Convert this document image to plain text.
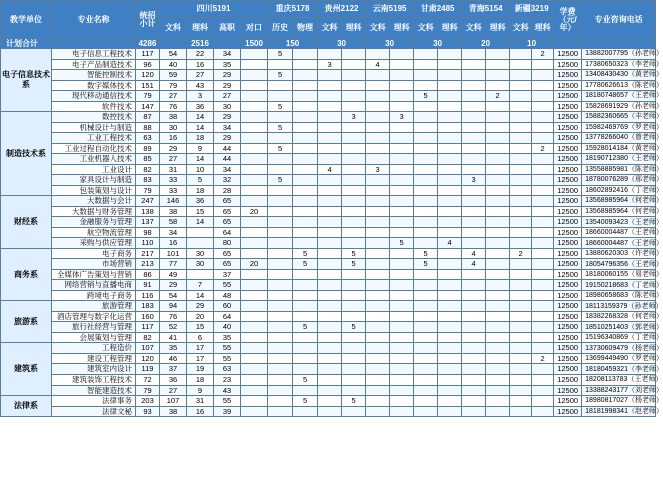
教学单位	专业名称	统招
小计	四川5191				重庆5178		贵州2122		云南5195		甘肃2485		青海5154		新疆3219		学费
（元/年）	专业咨询电话
			文科	理科	高职	对口	历史	物理	文科	理科	文科	理科	文科	理科	文科	理科	文科	理科		
计划合计		4286	2516			1500	150		30		30		30		20		10			
电子信息技术系	电子信息工程技术	117	54	22	34		5											2	12500	13882007795（孙老师）
	电子产品制造技术	96	40	16	35				3		4								12500	17380650323（李老师）
	智能控制技术	120	59	27	29		5												12500	13408430430（黄老师）
	数字媒体技术	151	79	43	29														12500	17780626613（陈老师）
	现代移动通信技术	79	27	3	27								5			2			12500	18180748657（王老师）
	软件技术	147	76	36	30		5												12500	15828691929（孙老师）
制造技术系	数控技术	87	38	14	29					3		3							12500	15882360665（丰老师）
	机械设计与制造	88	30	14	34		5												12500	15982469769（罗老师）
	工业工程技术	63	16	18	29														12500	13778266040（曾老师）
	工业过程自动化技术	89	29	9	44		5											2	12500	15928014184（黄老师）
	工业机器人技术	85	27	14	44														12500	18190712380（王老师）
	工业设计	82	31	10	34				4		3								12500	13558885981（陈老师）
	家具设计与制造	83	33	5	32		5								3				12500	18780076289（邢老师）
	包装策划与设计	79	33	18	28														12500	18602892416（丁老师）
财经系	大数据与会计	247	146	36	65														12500	13568985964（何老师）
	大数据与财务管理	138	38	15	65	20													12500	13568985964（何老师）
	金融服务与管理	137	58	14	65														12500	13540093423（王老师）
	航空物流管理	98	34		64														12500	18660004487（王老师）
	采购与供应管理	110	16		80							5		4					12500	18660004487（王老师）
商务系	电子商务	217	101	30	65			5		5			5		4		2		12500	13880620303（许老师）
	市场营销	213	77	30	65	20		5		5			5		4				12500	18054796356（王老师）
	全媒体广告策划与营销	86	49		37														12500	18180060155（易老师）
	网络营销与直播电商	91	29	7	55														12500	19150218683（丁老师）
	跨境电子商务	116	54	14	48														12500	18980658683（陈老师）
旅游系	旅游管理	183	94	29	60														12500	18113159379（孙老师）
	酒店管理与数字化运营	160	76	20	64														12500	18382268328（何老师）
	旅行社经营与管理	117	52	15	40			5		5									12500	18510251403（郭老师）
	会展策划与管理	82	41	6	35														12500	15196340869（丁老师）
建筑系	工程造价	107	35	17	55														12500	13730609479（杨老师）
	建设工程管理	120	46	17	55													2	12500	13699449490（罗老师）
	建筑室内设计	119	37	19	63														12500	18180459321（李老师）
	建筑装饰工程技术	72	36	18	23			5											12500	18208113783（王老师）
	智能建造技术	79	27	9	43														12500	13388243177（刘老师）
法律系	法律事务	203	107	31	55			5		5									12500	18980817027（杨老师）
	法律文秘	93	38	16	39														12500	18181998341（赵老师）
